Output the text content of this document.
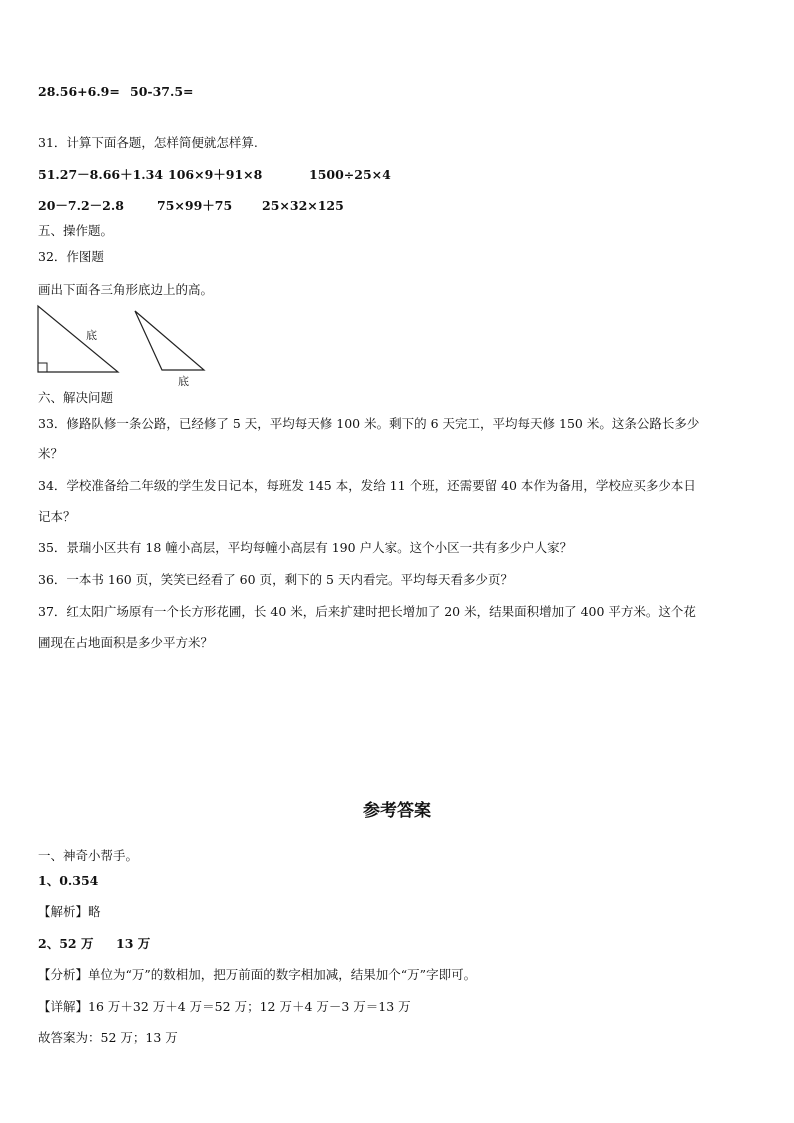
28.56+6.9= 50-37.5=
31．计算下面各题，怎样简便就怎样算.
51.27－8.66＋1.34 106×9＋91×8	1500÷25×4
20－7.2－2.8	75×99＋75 25×32×125
五、操作题。
32．作图题
画出下面各三角形底边上的高。
底
底
六、解决问题
33．修路队修一条公路，已经修了 5 天，平均每天修 100 米。剩下的 6 天完工，平均每天修 150 米。这条公路长多少
米？
34．学校准备给二年级的学生发日记本，每班发 145 本，发给 11 个班，还需要留 40 本作为备用，学校应买多少本日
记本？
35．景瑞小区共有 18 幢小高层，平均每幢小高层有 190 户人家。这个小区一共有多少户人家？
36．一本书 160 页，笑笑已经看了 60 页，剩下的 5 天内看完。平均每天看多少页？
37．红太阳广场原有一个长方形花圃，长 40 米，后来扩建时把长增加了 20 米，结果面积增加了 400 平方米。这个花
圃现在占地面积是多少平方米？
参考答案
一、神奇小帮手。
1、0.354
【解析】略
2、52 万 13 万
【分析】单位为“万”的数相加，把万前面的数字相加减，结果加个“万”字即可。
【详解】16 万＋32 万＋4 万＝52 万；12 万＋4 万－3 万＝13 万
故答案为：52 万；13 万
